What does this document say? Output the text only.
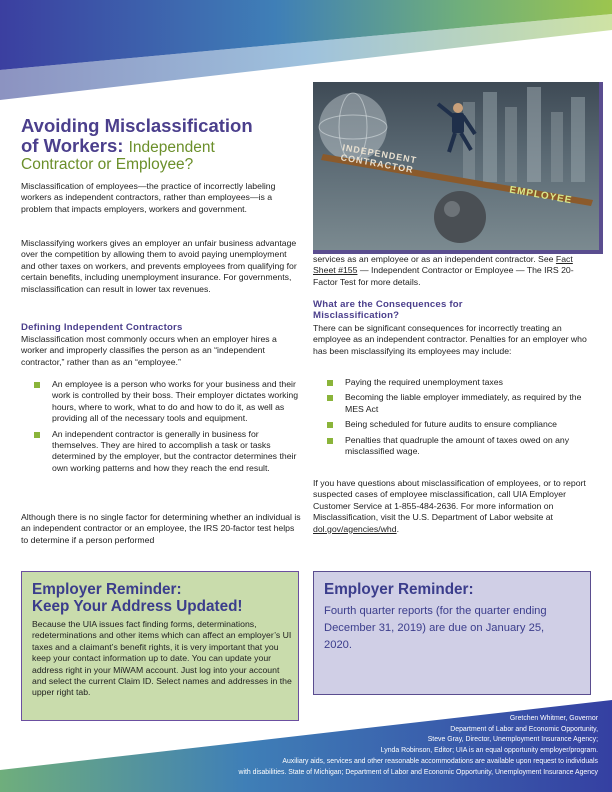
INDEPENDENT CONTRACTOR
EMPLOYEE
Avoiding Misclassification
of Workers: Independent
Contractor or Employee?

Misclassification of employees—the practice of incorrectly labeling workers as independent contractors, rather than employees—is a problem that impacts employers, workers and government.

Misclassifying workers gives an employer an unfair business advantage over the competition by allowing them to avoid paying unemployment and other taxes on workers, and prevents employees from qualifying for certain benefits, including unemployment insurance. For governments, misclassification can result in lower tax revenues.

Defining Independent Contractors

Misclassification most commonly occurs when an employer hires a worker and improperly classifies the person as an “independent contractor,” rather than as an “employee.”

An employee is a person who works for your business and their work is controlled by their boss. Their employer dictates working hours, where to work, what to do and how to do it, as well as providing all of the necessary tools and equipment.
An independent contractor is generally in business for themselves. They are hired to accomplish a task or tasks determined by the employer, but the contractor determines their own working patterns and how they reach the end result.

Although there is no single factor for determining whether an individual is an independent contractor or an employee, the IRS 20-factor test helps to determine if a person performed

services as an employee or as an independent contractor. See Fact Sheet #155 — Independent Contractor or Employee — The IRS 20-Factor Test for more details.

What are the Consequences for Misclassification?

There can be significant consequences for incorrectly treating an employee as an independent contractor. Penalties for an employer who has been misclassifying its employees may include:

Paying the required unemployment taxes
Becoming the liable employer immediately, as required by the MES Act
Being scheduled for future audits to ensure compliance
Penalties that quadruple the amount of taxes owed on any misclassified wage.

If you have questions about misclassification of employees, or to report suspected cases of employee misclassification, call UIA Employer Customer Service at 1-855-484-2636. For more information on Misclassification, visit the U.S. Department of Labor website at dol.gov/agencies/whd.

Employer Reminder:
Keep Your Address Updated!

Because the UIA issues fact finding forms, determinations, redeterminations and other items which can affect an employer’s UI taxes and a claimant’s benefit rights, it is very important that you keep your contact information up to date. You can update your address right in your MiWAM account. Just log into your account and select the current Claim ID. Select names and addresses in the upper right tab.

Employer Reminder:

Fourth quarter reports (for the quarter ending December 31, 2019) are due on January 25, 2020.

Gretchen Whitmer, Governor
Department of Labor and Economic Opportunity,
Steve Gray, Director, Unemployment Insurance Agency;
Lynda Robinson, Editor; UIA is an equal opportunity employer/program.
Auxiliary aids, services and other reasonable accommodations are available upon request to individuals
with disabilities. State of Michigan; Department of Labor and Economic Opportunity, Unemployment Insurance Agency
